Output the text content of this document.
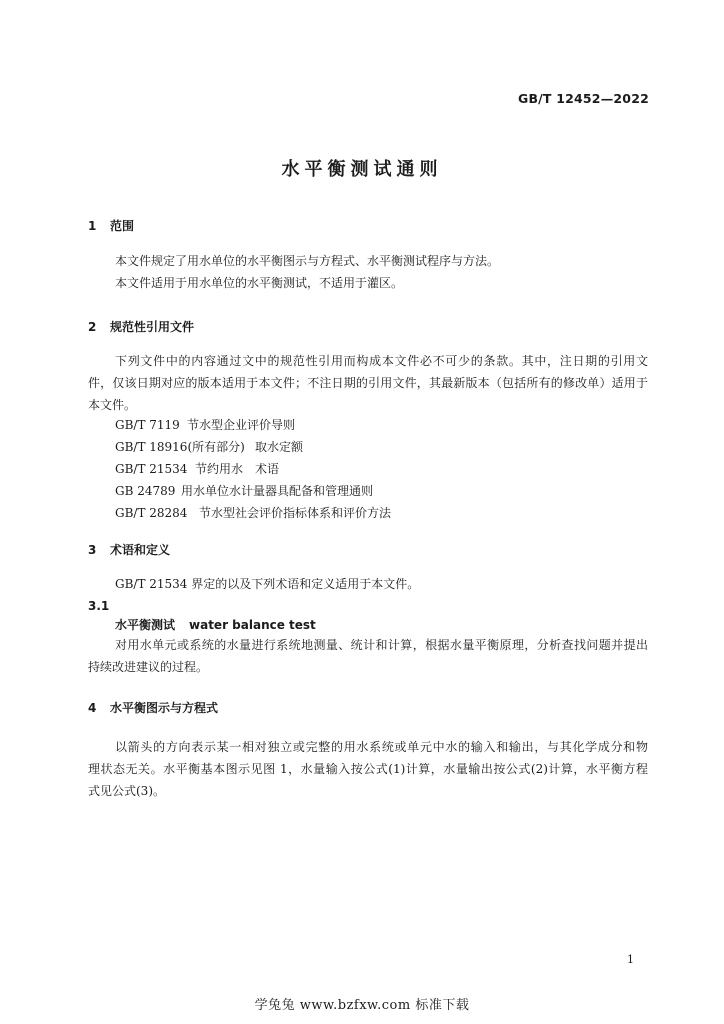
GB/T 12452—2022
水平衡测试通则
1 范围
本文件规定了用水单位的水平衡图示与方程式、水平衡测试程序与方法。
本文件适用于用水单位的水平衡测试，不适用于灌区。
2 规范性引用文件
下列文件中的内容通过文中的规范性引用而构成本文件必不可少的条款。其中，注日期的引用文
件，仅该日期对应的版本适用于本文件；不注日期的引用文件，其最新版本（包括所有的修改单）适用于
本文件。
GB/T 7119 节水型企业评价导则
GB/T 18916(所有部分) 取水定额
GB/T 21534 节约用水　术语
GB 24789 用水单位水计量器具配备和管理通则
GB/T 28284 节水型社会评价指标体系和评价方法
3 术语和定义
GB/T 21534 界定的以及下列术语和定义适用于本文件。
3.1
水平衡测试 water balance test
对用水单元或系统的水量进行系统地测量、统计和计算，根据水量平衡原理，分析查找问题并提出
持续改进建议的过程。
4 水平衡图示与方程式
以箭头的方向表示某一相对独立或完整的用水系统或单元中水的输入和输出，与其化学成分和物
理状态无关。水平衡基本图示见图 1，水量输入按公式(1)计算，水量输出按公式(2)计算，水平衡方程
式见公式(3)。
1
学兔兔 www.bzfxw.com 标准下载
